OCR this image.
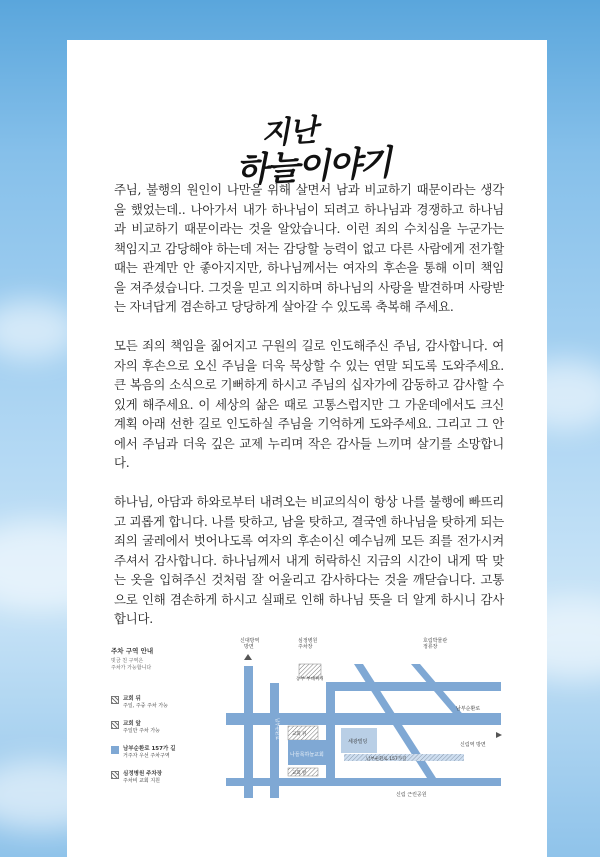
지난
하늘이야기

주님, 불행의 원인이 나만을 위해 살면서 남과 비교하기 때문이라는 생각을 했었는데.. 나아가서 내가 하나님이 되려고 하나님과 경쟁하고 하나님과 비교하기 때문이라는 것을 알았습니다. 이런 죄의 수치심을 누군가는 책임지고 감당해야 하는데 저는 감당할 능력이 없고 다른 사람에게 전가할 때는 관계만 안 좋아지지만, 하나님께서는 여자의 후손을 통해 이미 책임을 져주셨습니다. 그것을 믿고 의지하며 하나님의 사랑을 발견하며 사랑받는 자녀답게 겸손하고 당당하게 살아갈 수 있도록 축복해 주세요.

모든 죄의 책임을 짊어지고 구원의 길로 인도해주신 주님, 감사합니다. 여자의 후손으로 오신 주님을 더욱 묵상할 수 있는 연말 되도록 도와주세요. 큰 복음의 소식으로 기뻐하게 하시고 주님의 십자가에 감동하고 감사할 수 있게 해주세요. 이 세상의 삶은 때로 고통스럽지만 그 가운데에서도 크신 계획 아래 선한 길로 인도하실 주님을 기억하게 도와주세요. 그리고 그 안에서 주님과 더욱 깊은 교제 누리며 작은 감사들 느끼며 살기를 소망합니다.

하나님, 아담과 하와로부터 내려오는 비교의식이 항상 나를 불행에 빠뜨리고 괴롭게 합니다. 나를 탓하고, 남을 탓하고, 결국엔 하나님을 탓하게 되는 죄의 굴레에서 벗어나도록 여자의 후손이신 예수님께 모든 죄를 전가시켜주셔서 감사합니다. 하나님께서 내게 허락하신 지금의 시간이 내게 딱 맞는 옷을 입혀주신 것처럼 잘 어울리고 감사하다는 것을 깨닫습니다. 고통으로 인해 겸손하게 하시고 실패로 인해 하나님 뜻을 더 알게 하시니 감사합니다.

주차 구역 안내
빗금 친 구역은
주차가 가능합니다
교회 뒤
주일, 주중 주차 가능
교회 앞
주일만 주차 가능
남부순환로 157가 길
거주자 우선 주차구역
심정병원 주차장
주차비 교회 지원
신대방역
방면
심정병원
주차장
농부 부대찌개
호림박물관
정류장
남부순환로
신림역 방면
교회 뒤
교회 앞
나들목하늘교회
세광빌딩
남부순환로
남부순환로 157가길
신림 근린공원
